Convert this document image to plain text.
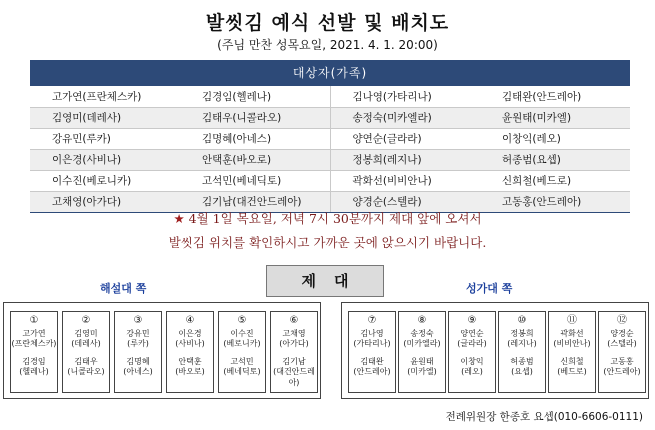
발씻김 예식 선발 및 배치도
(주님 만찬 성목요일, 2021. 4. 1. 20:00)
대상자(가족)
고가연(프란체스카)	김경임(헬레나)	김나영(가타리나)	김태완(안드레아)
김영미(데레사)	김태우(니콜라오)	송정숙(미카엘라)	윤원태(미카엘)
강유민(루카)	김명혜(아네스)	양연순(글라라)	이창익(레오)
이은경(사비나)	안택훈(바오로)	정봉희(레지나)	허종범(요셉)
이수진(베로니카)	고석민(베네딕토)	곽화선(비비안나)	신희철(베드로)
고채영(아가다)	김기남(대건안드레아)	양경순(스텔라)	고동홍(안드레아)
★ 4월 1일 목요일, 저녁 7시 30분까지 제대 앞에 오셔서
발씻김 위치를 확인하시고 가까운 곳에 앉으시기 바랍니다.
해설대 쪽	제대	성가대 쪽
①
고가연
(프란체스카)
김경임
(헬레나)
②
김영미
(데레사)
김태우
(니콜라오)
③
강유민
(루카)
김명혜
(아네스)
④
이은경
(사비나)
안택훈
(바오로)
⑤
이수진
(베로니카)
고석민
(베네딕토)
⑥
고채영
(아가다)
김기남
(대건안드레아)
⑦
김나영
(가타리나)
김태완
(안드레아)
⑧
송정숙
(미카엘라)
윤원태
(미카엘)
⑨
양연순
(글라라)
이창익
(레오)
⑩
정봉희
(레지나)
허종범
(요셉)
⑪
곽화선
(비비안나)
신희철
(베드로)
⑫
양경순
(스텔라)
고동홍
(안드레아)
전례위원장 한종호 요셉(010-6606-0111)
